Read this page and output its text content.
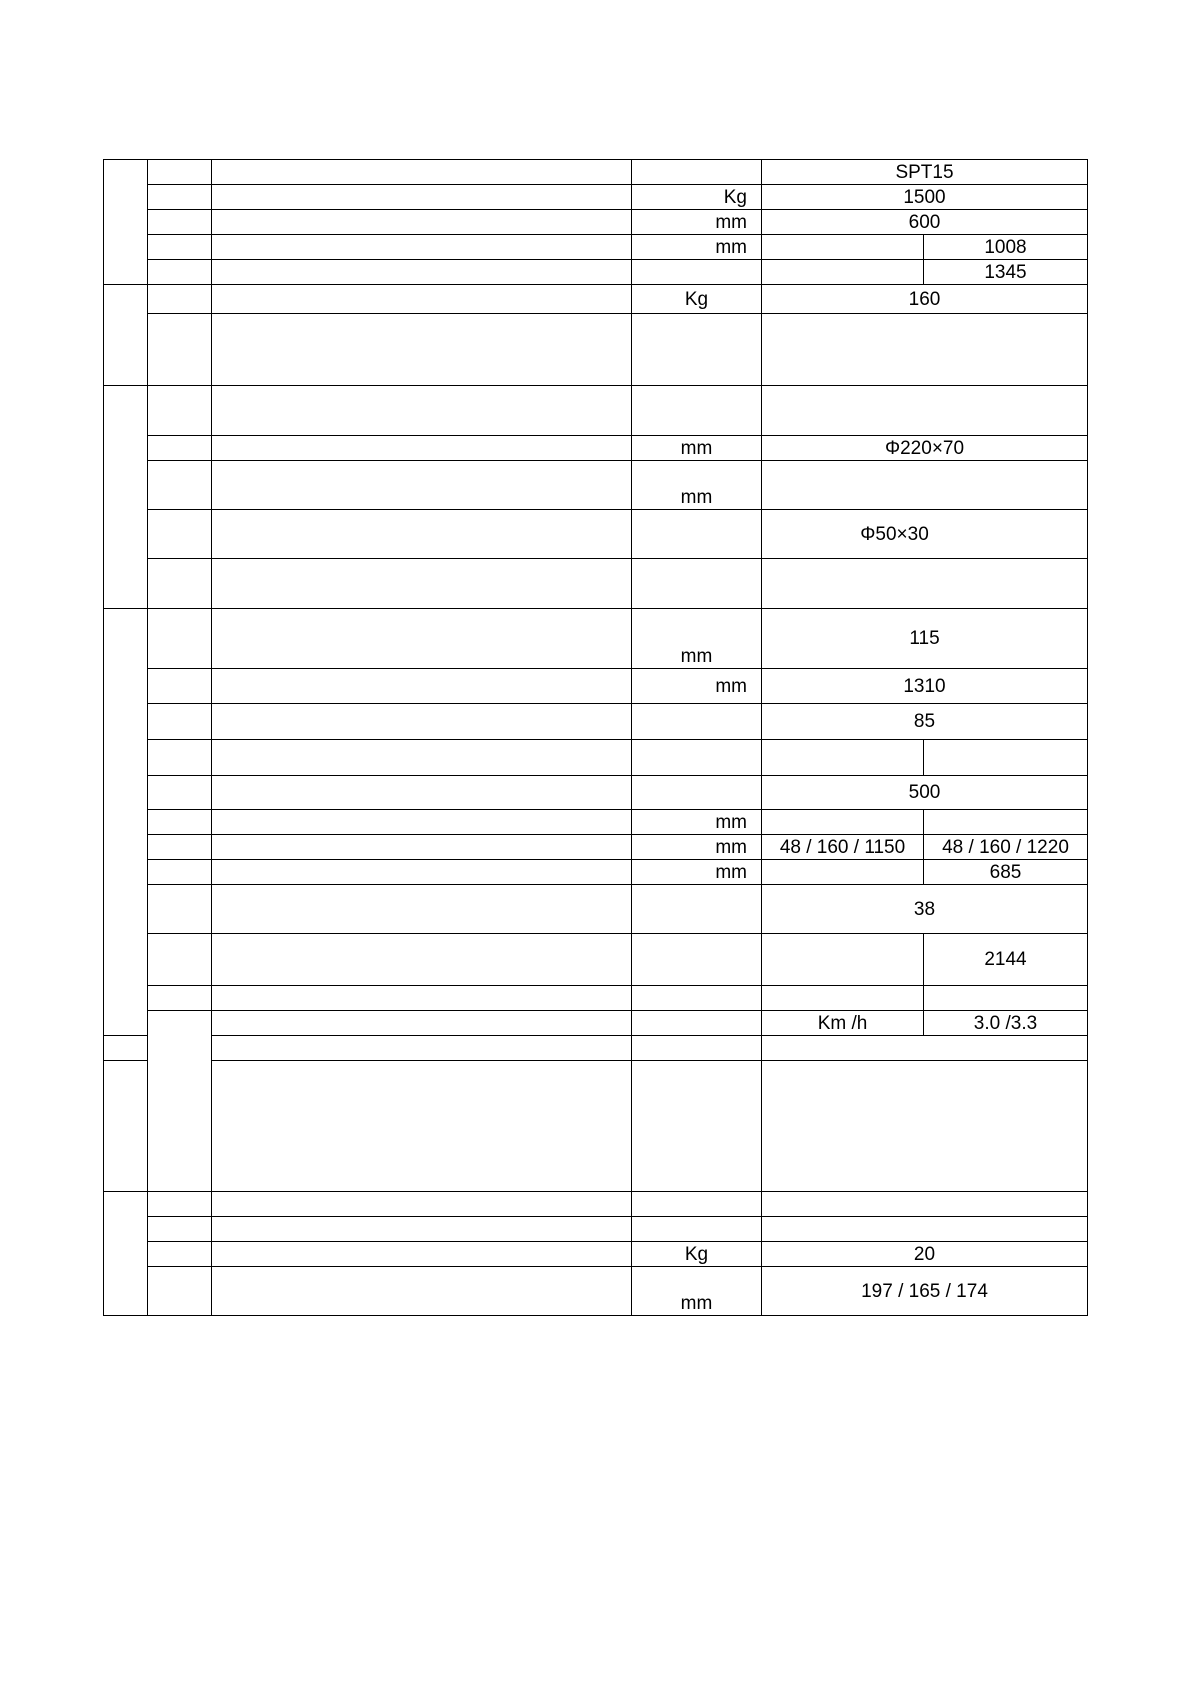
				SPT15	
			Kg	1500	
			mm	600	
			mm		1008
					1345
			Kg	160	

			mm	Φ220×70	
			mm		
				Φ50×30	

			mm	115	
			mm	1310	
				85	

				500	
			mm		
			mm	48 / 160 / 1150	48 / 160 / 1220
			mm		685
				38	
					2144

				Km /h	3.0 /3.3

			Kg	20	
			mm	197 / 165 / 174	
